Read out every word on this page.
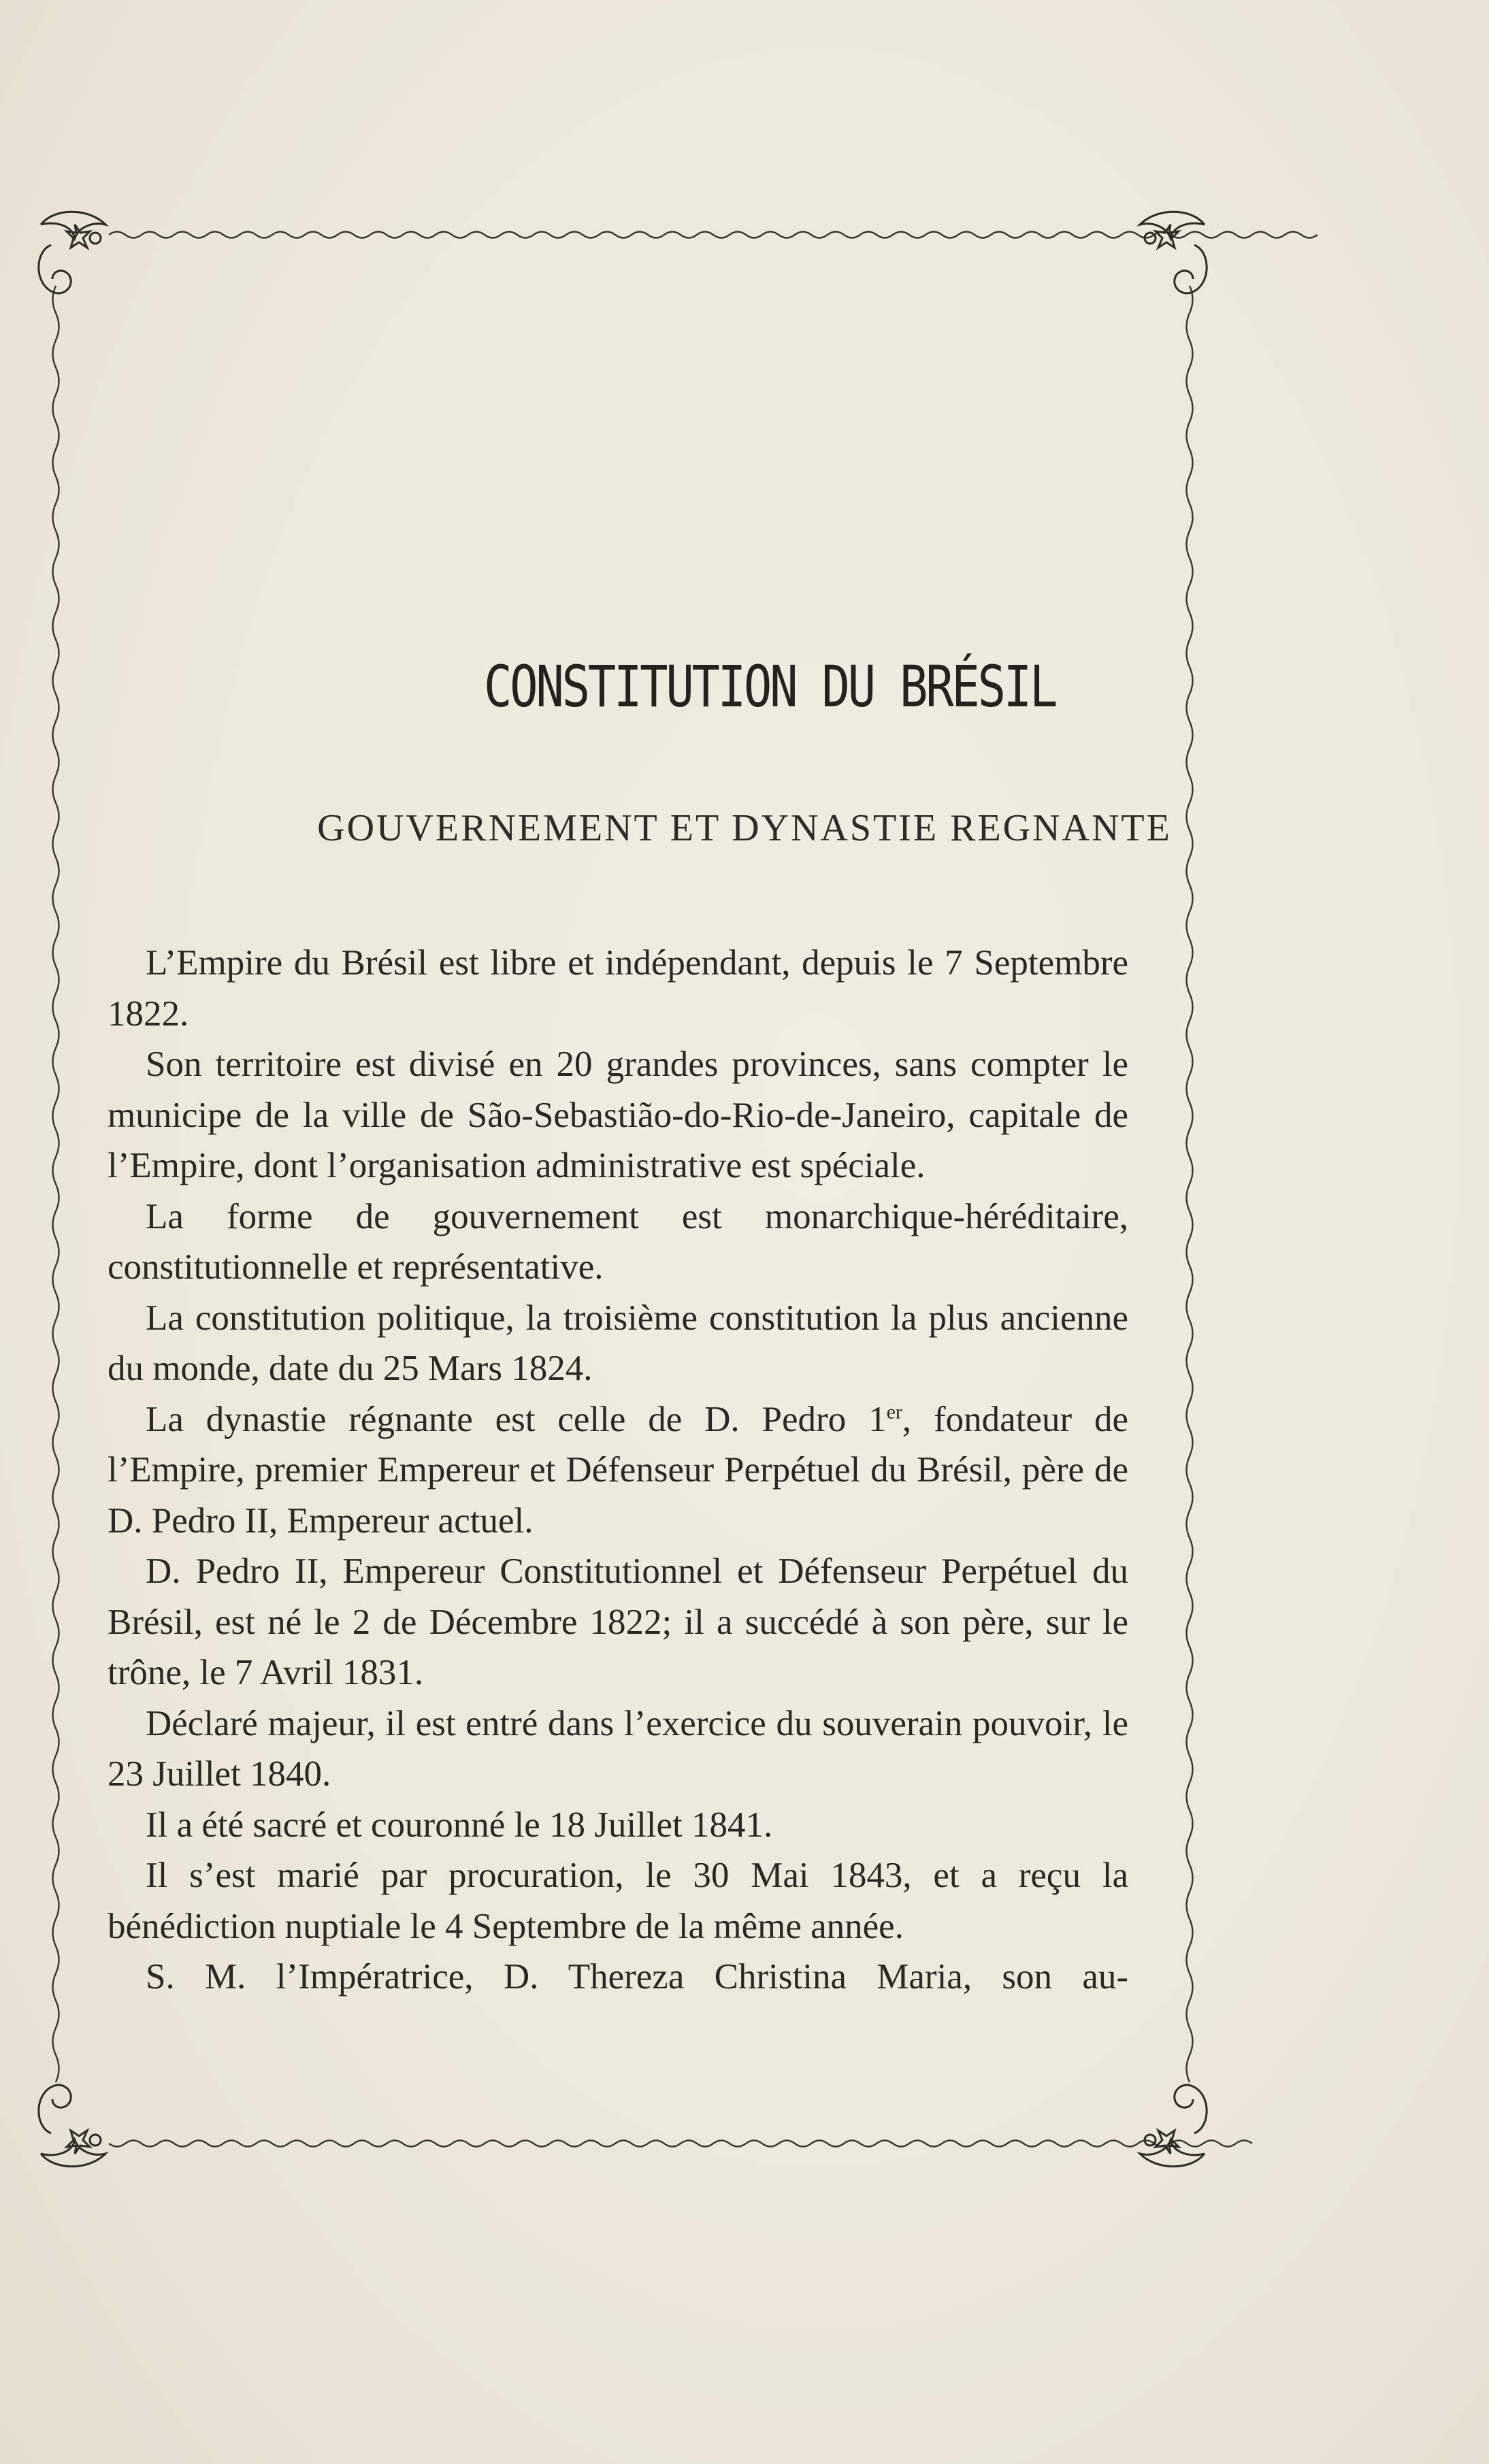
CONSTITUTION DU BRÉSIL
GOUVERNEMENT ET DYNASTIE REGNANTE

L’Empire du Brésil est libre et indépendant, depuis le 7 Septembre 1822.

Son territoire est divisé en 20 grandes provinces, sans compter le municipe de la ville de São-Sebastião-do-Rio-de-Janeiro, capitale de l’Empire, dont l’organisation administrative est spéciale.

La forme de gouvernement est monarchique-héréditaire, constitutionnelle et représentative.

La constitution politique, la troisième constitution la plus ancienne du monde, date du 25 Mars 1824.

La dynastie régnante est celle de D. Pedro 1er, fondateur de l’Empire, premier Empereur et Défenseur Perpétuel du Brésil, père de D. Pedro II, Empereur actuel.

D. Pedro II, Empereur Constitutionnel et Défenseur Perpétuel du Brésil, est né le 2 de Décembre 1822; il a succédé à son père, sur le trône, le 7 Avril 1831.

Déclaré majeur, il est entré dans l’exercice du souverain pouvoir, le 23 Juillet 1840.

Il a été sacré et couronné le 18 Juillet 1841.

Il s’est marié par procuration, le 30 Mai 1843, et a reçu la bénédiction nuptiale le 4 Septembre de la même année.

S. M. l’Impératrice, D. Thereza Christina Maria, son au-
